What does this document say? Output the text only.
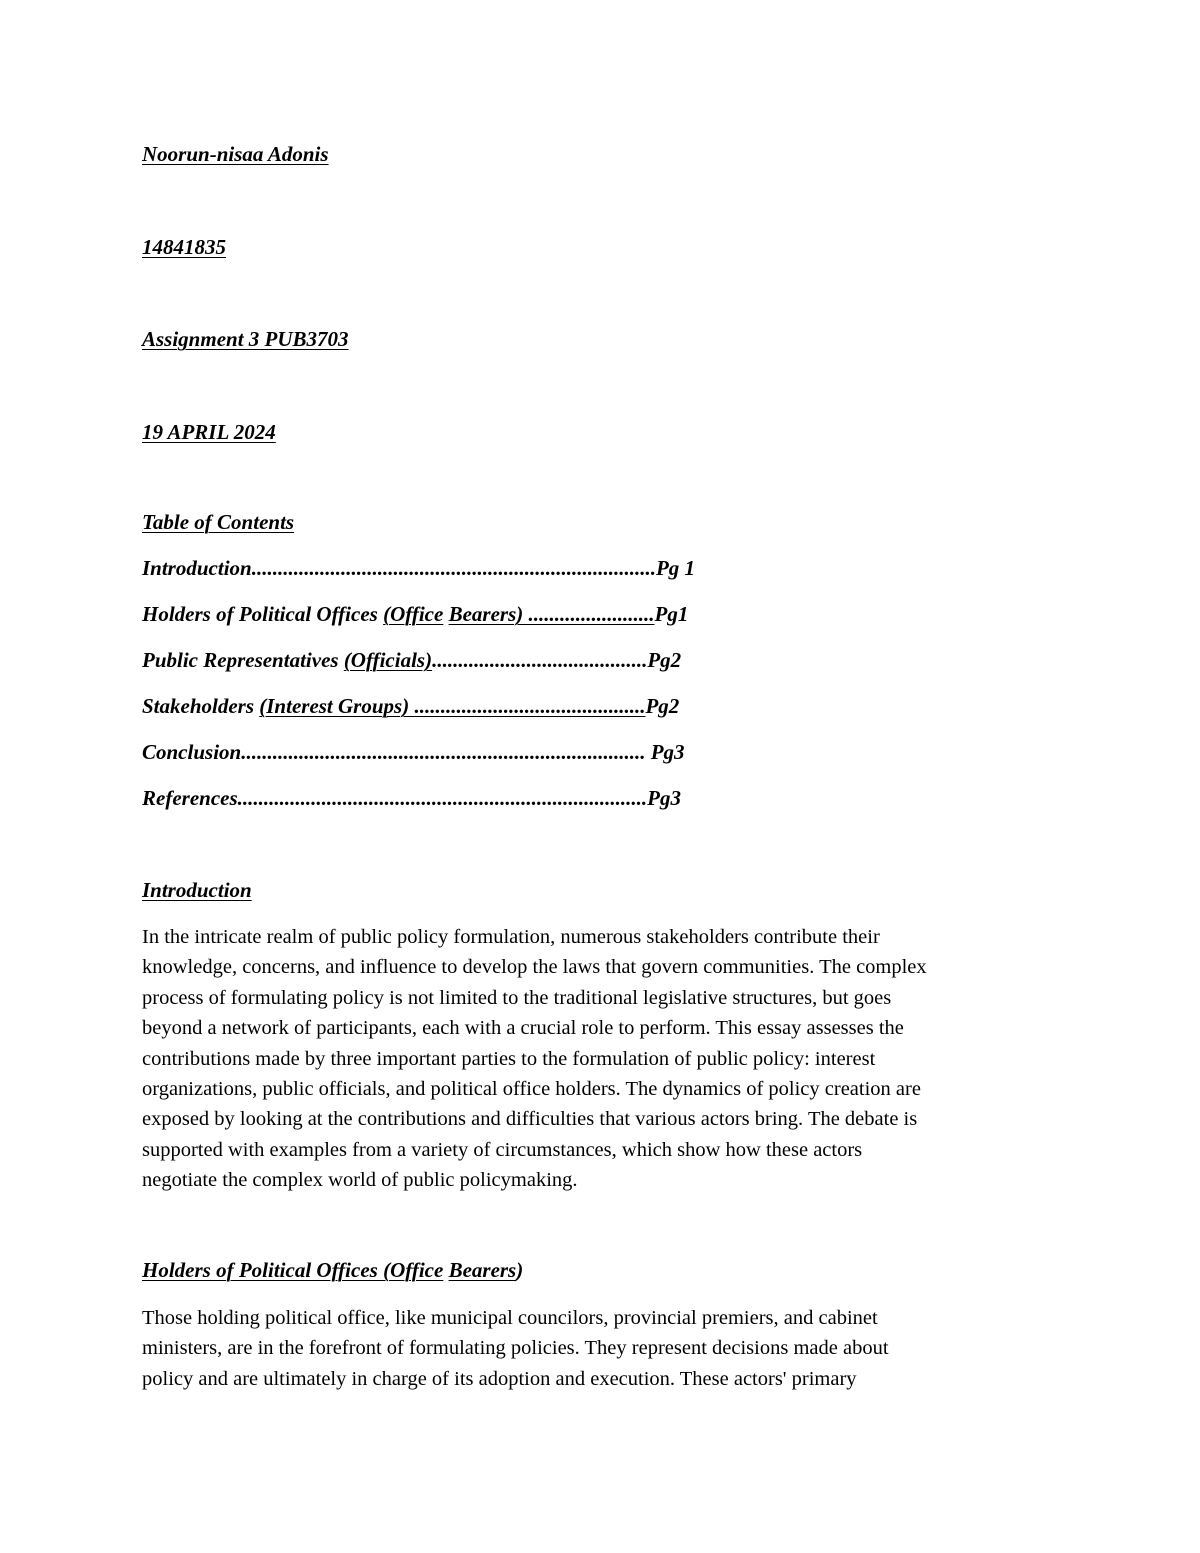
Noorun-nisaa Adonis
14841835
Assignment 3 PUB3703
19 APRIL 2024
Table of Contents
Introduction.............................................................................Pg 1
Holders of Political Offices (Office Bearers) ........................Pg1
Public Representatives (Officials).........................................Pg2
Stakeholders (Interest Groups) ............................................Pg2
Conclusion............................................................................. Pg3
References..............................................................................Pg3
Introduction

In the intricate realm of public policy formulation, numerous stakeholders contribute their
knowledge, concerns, and influence to develop the laws that govern communities. The complex
process of formulating policy is not limited to the traditional legislative structures, but goes
beyond a network of participants, each with a crucial role to perform. This essay assesses the
contributions made by three important parties to the formulation of public policy: interest
organizations, public officials, and political office holders. The dynamics of policy creation are
exposed by looking at the contributions and difficulties that various actors bring. The debate is
supported with examples from a variety of circumstances, which show how these actors
negotiate the complex world of public policymaking.

Holders of Political Offices (Office Bearers)

Those holding political office, like municipal councilors, provincial premiers, and cabinet
ministers, are in the forefront of formulating policies. They represent decisions made about
policy and are ultimately in charge of its adoption and execution. These actors' primary
